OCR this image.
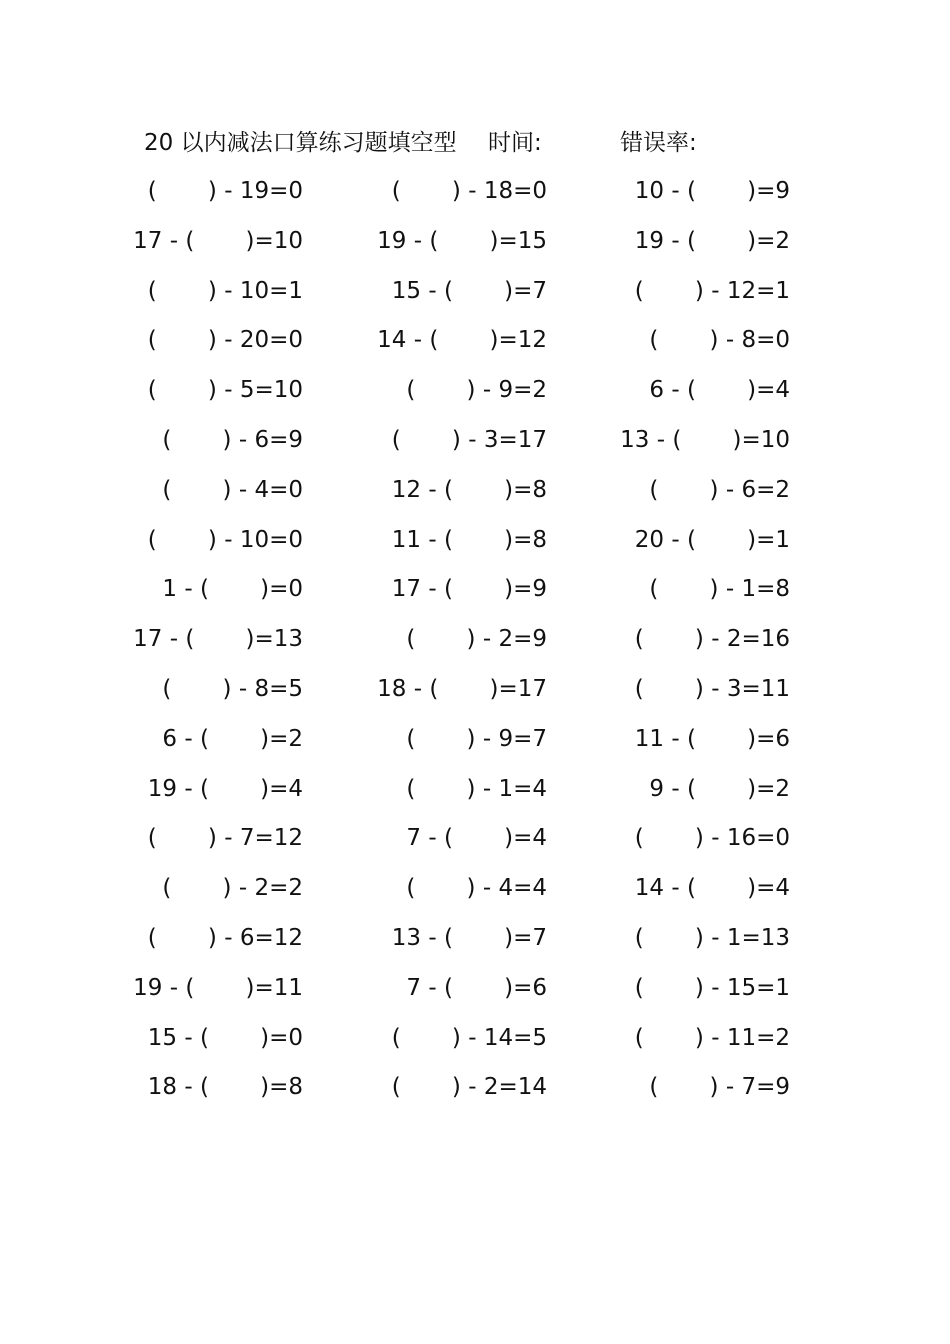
20 以内减法口算练习题填空型 时间:	错误率:
(       ) - 19=0	(       ) - 18=0	10 - (       )=9
17 - (       )=10	19 - (       )=15	19 - (       )=2
(       ) - 10=1	15 - (       )=7	(       ) - 12=1
(       ) - 20=0	14 - (       )=12	(       ) - 8=0
(       ) - 5=10	(       ) - 9=2	6 - (       )=4
(       ) - 6=9	(       ) - 3=17	13 - (       )=10
(       ) - 4=0	12 - (       )=8	(       ) - 6=2
(       ) - 10=0	11 - (       )=8	20 - (       )=1
1 - (       )=0	17 - (       )=9	(       ) - 1=8
17 - (       )=13	(       ) - 2=9	(       ) - 2=16
(       ) - 8=5	18 - (       )=17	(       ) - 3=11
6 - (       )=2	(       ) - 9=7	11 - (       )=6
19 - (       )=4	(       ) - 1=4	9 - (       )=2
(       ) - 7=12	7 - (       )=4	(       ) - 16=0
(       ) - 2=2	(       ) - 4=4	14 - (       )=4
(       ) - 6=12	13 - (       )=7	(       ) - 1=13
19 - (       )=11	7 - (       )=6	(       ) - 15=1
15 - (       )=0	(       ) - 14=5	(       ) - 11=2
18 - (       )=8	(       ) - 2=14	(       ) - 7=9
